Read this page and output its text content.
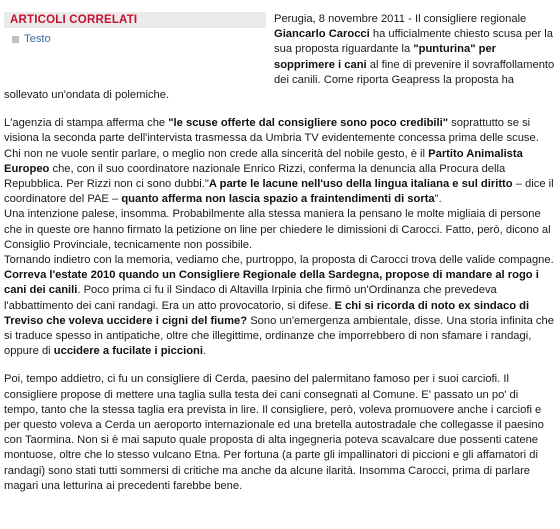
ARTICOLI CORRELATI
Testo

Perugia, 8 novembre 2011 - Il consigliere regionale Giancarlo Carocci ha ufficialmente chiesto scusa per la sua proposta riguardante la "punturina" per sopprimere i cani al fine di prevenire il sovraffollamento dei canili. Come riporta Geapress la proposta ha sollevato un'ondata di polemiche.

L'agenzia di stampa afferma che "le scuse offerte dal consigliere sono poco credibili" soprattutto se si visiona la seconda parte dell'intervista trasmessa da Umbria TV evidentemente concessa prima delle scuse. Chi non ne vuole sentir parlare, o meglio non crede alla sincerità del nobile gesto, è il Partito Animalista Europeo che, con il suo coordinatore nazionale Enrico Rizzi, conferma la denuncia alla Procura della Repubblica. Per Rizzi non ci sono dubbi."A parte le lacune nell'uso della lingua italiana e sul diritto – dice il coordinatore del PAE – quanto afferma non lascia spazio a fraintendimenti di sorta".

Una intenzione palese, insomma. Probabilmente alla stessa maniera la pensano le molte migliaia di persone che in queste ore hanno firmato la petizione on line per chiedere le dimissioni di Carocci. Fatto, però, dicono al Consiglio Provinciale, tecnicamente non possibile.

Tornando indietro con la memoria, vediamo che, purtroppo, la proposta di Carocci trova delle valide compagne. Correva l'estate 2010 quando un Consigliere Regionale della Sardegna, propose di mandare al rogo i cani dei canili. Poco prima ci fu il Sindaco di Altavilla Irpinia che firmò un'Ordinanza che prevedeva l'abbattimento dei cani randagi. Era un atto provocatorio, si difese. E chi si ricorda di noto ex sindaco di Treviso che voleva uccidere i cigni del fiume? Sono un'emergenza ambientale, disse. Una storia infinita che si traduce spesso in antipatiche, oltre che illegittime, ordinanze che imporrebbero di non sfamare i randagi, oppure di uccidere a fucilate i piccioni.

Poi, tempo addietro, ci fu un consigliere di Cerda, paesino del palermitano famoso per i suoi carciofi. Il consigliere propose di mettere una taglia sulla testa dei cani consegnati al Comune. E' passato un po' di tempo, tanto che la stessa taglia era prevista in lire. Il consigliere, però, voleva promuovere anche i carciofi e per questo voleva a Cerda un aeroporto internazionale ed una bretella autostradale che collegasse il paesino con Taormina. Non si è mai saputo quale proposta di alta ingegneria poteva scavalcare due possenti catene montuose, oltre che lo stesso vulcano Etna. Per fortuna (a parte gli impallinatori di piccioni e gli affamatori di randagi) sono stati tutti sommersi di critiche ma anche da alcune ilarità. Insomma Carocci, prima di parlare magari una letturina ai precedenti farebbe bene.
